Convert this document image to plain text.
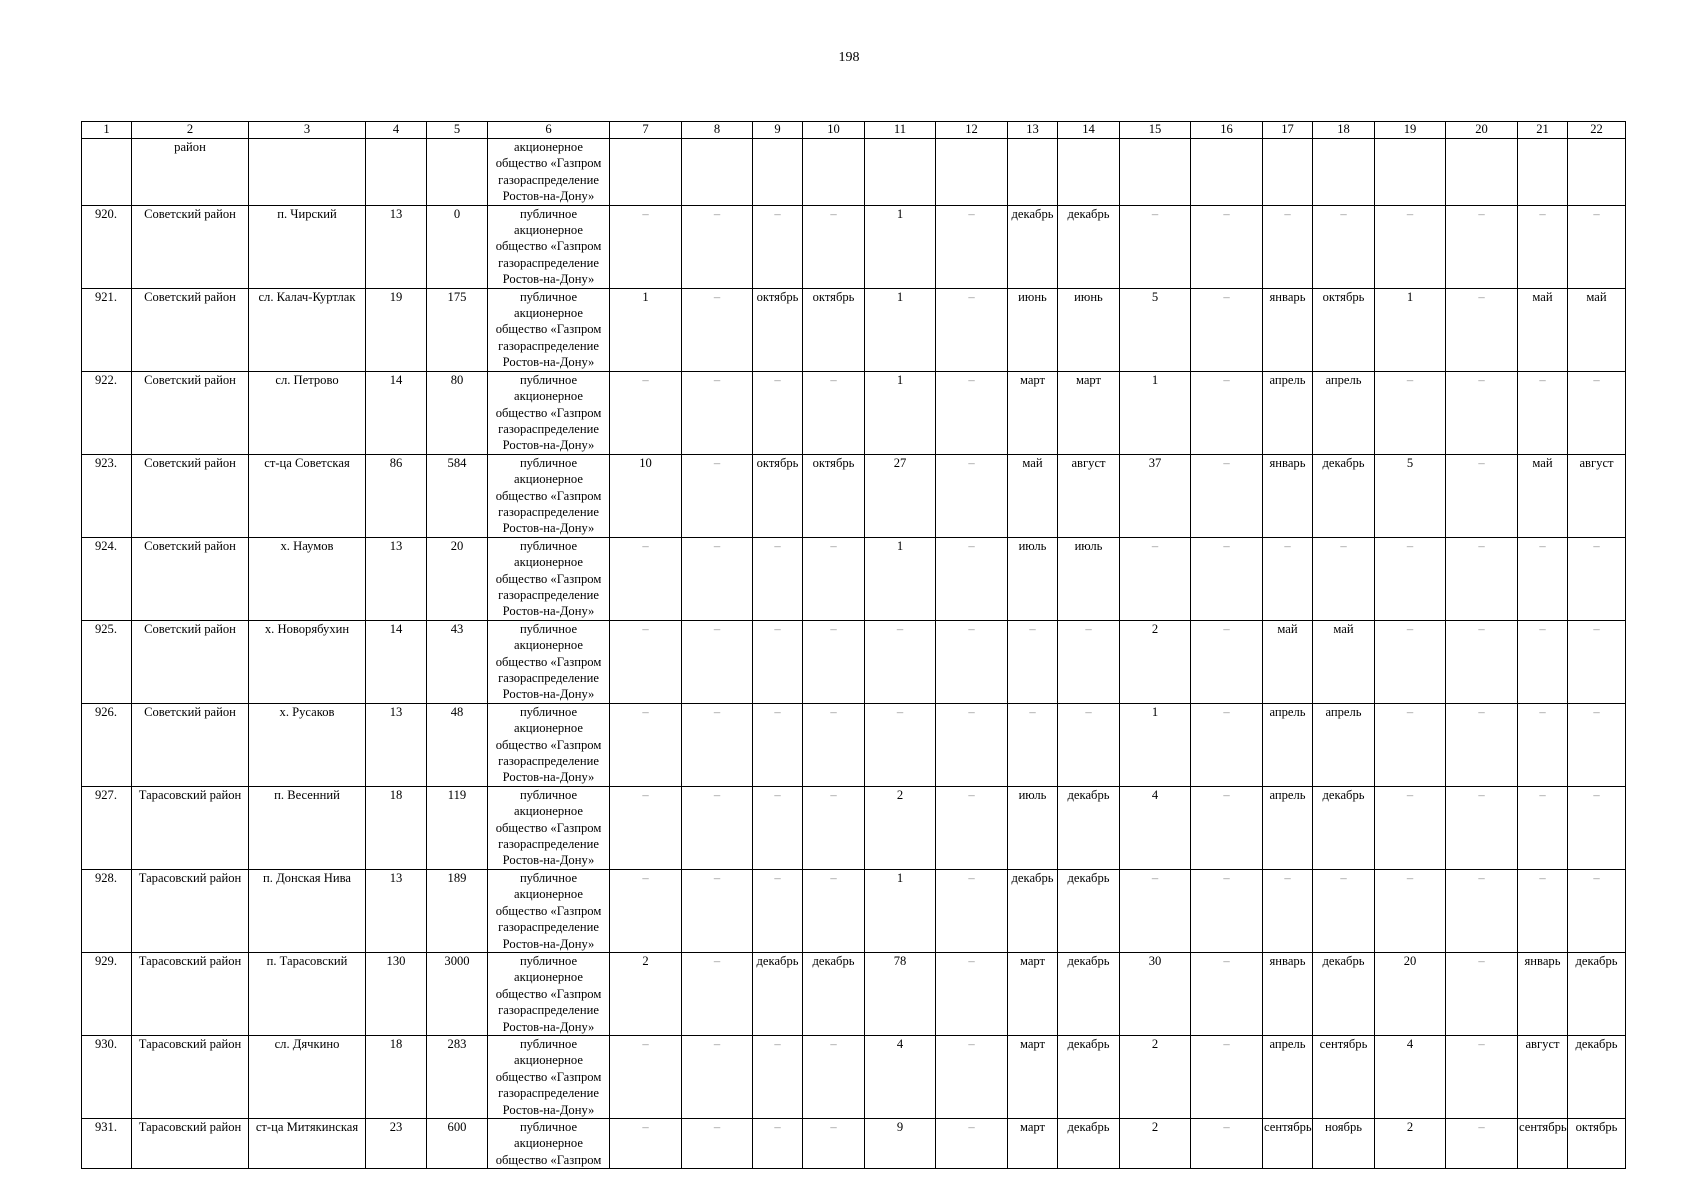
198
1	2	3	4	5	6	7	8	9	10	11	12	13	14	15	16	17	18	19	20	21	22
	район				акционерное общество «Газпром газораспределение Ростов-на-Дону»																
920.	Советский район	п. Чирский	13	0	публичное акционерное общество «Газпром газораспределение Ростов-на-Дону»	–	–	–	–	1	–	декабрь	декабрь	–	–	–	–	–	–	–	–
921.	Советский район	сл. Калач-Куртлак	19	175	публичное акционерное общество «Газпром газораспределение Ростов-на-Дону»	1	–	октябрь	октябрь	1	–	июнь	июнь	5	–	январь	октябрь	1	–	май	май
922.	Советский район	сл. Петрово	14	80	публичное акционерное общество «Газпром газораспределение Ростов-на-Дону»	–	–	–	–	1	–	март	март	1	–	апрель	апрель	–	–	–	–
923.	Советский район	ст-ца Советская	86	584	публичное акционерное общество «Газпром газораспределение Ростов-на-Дону»	10	–	октябрь	октябрь	27	–	май	август	37	–	январь	декабрь	5	–	май	август
924.	Советский район	х. Наумов	13	20	публичное акционерное общество «Газпром газораспределение Ростов-на-Дону»	–	–	–	–	1	–	июль	июль	–	–	–	–	–	–	–	–
925.	Советский район	х. Новорябухин	14	43	публичное акционерное общество «Газпром газораспределение Ростов-на-Дону»	–	–	–	–	–	–	–	–	2	–	май	май	–	–	–	–
926.	Советский район	х. Русаков	13	48	публичное акционерное общество «Газпром газораспределение Ростов-на-Дону»	–	–	–	–	–	–	–	–	1	–	апрель	апрель	–	–	–	–
927.	Тарасовский район	п. Весенний	18	119	публичное акционерное общество «Газпром газораспределение Ростов-на-Дону»	–	–	–	–	2	–	июль	декабрь	4	–	апрель	декабрь	–	–	–	–
928.	Тарасовский район	п. Донская Нива	13	189	публичное акционерное общество «Газпром газораспределение Ростов-на-Дону»	–	–	–	–	1	–	декабрь	декабрь	–	–	–	–	–	–	–	–
929.	Тарасовский район	п. Тарасовский	130	3000	публичное акционерное общество «Газпром газораспределение Ростов-на-Дону»	2	–	декабрь	декабрь	78	–	март	декабрь	30	–	январь	декабрь	20	–	январь	декабрь
930.	Тарасовский район	сл. Дячкино	18	283	публичное акционерное общество «Газпром газораспределение Ростов-на-Дону»	–	–	–	–	4	–	март	декабрь	2	–	апрель	сентябрь	4	–	август	декабрь
931.	Тарасовский район	ст-ца Митякинская	23	600	публичное акционерное общество «Газпром	–	–	–	–	9	–	март	декабрь	2	–	сентябрь	ноябрь	2	–	сентябрь	октябрь
